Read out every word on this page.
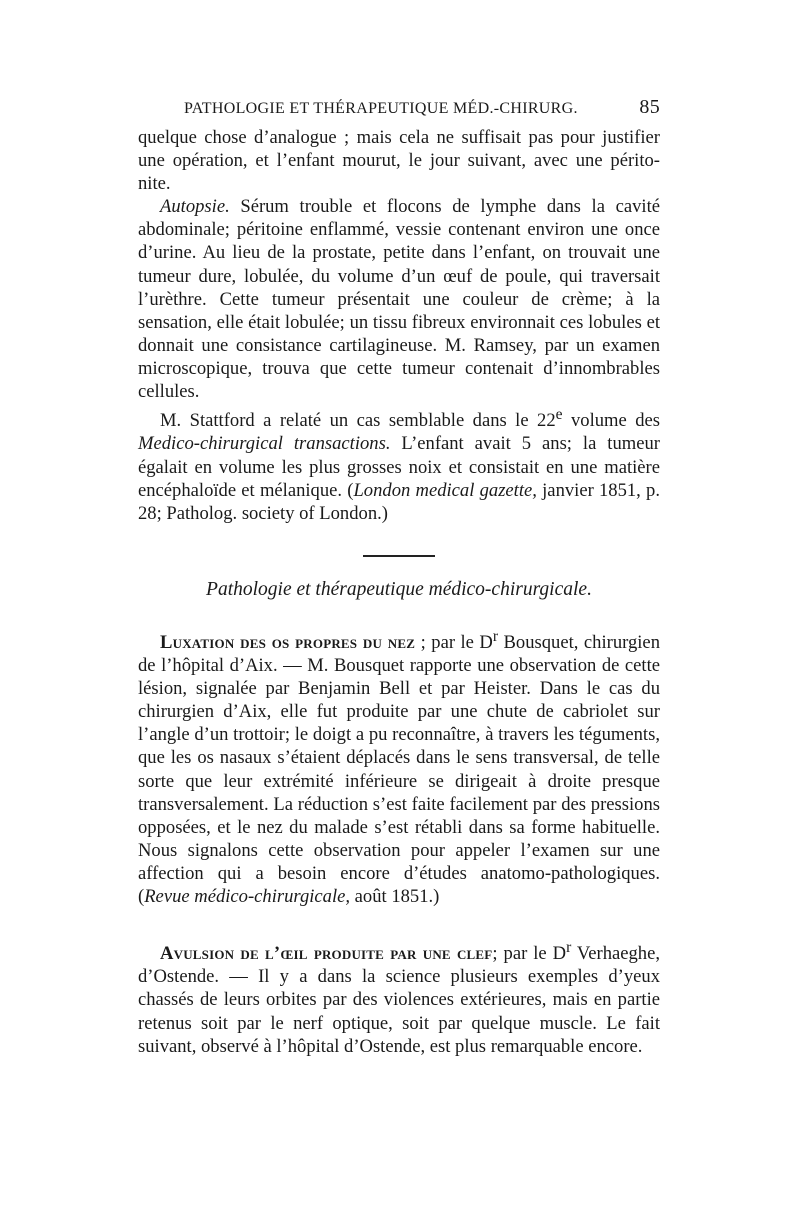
PATHOLOGIE ET THÉRAPEUTIQUE MÉD.-CHIRURG.	85

quelque chose d’analogue ; mais cela ne suffisait pas pour justifier une opération, et l’enfant mourut, le jour suivant, avec une périto-nite.

Autopsie. Sérum trouble et flocons de lymphe dans la cavité abdominale; péritoine enflammé, vessie contenant environ une once d’urine. Au lieu de la prostate, petite dans l’enfant, on trouvait une tumeur dure, lobulée, du volume d’un œuf de poule, qui traversait l’urèthre. Cette tumeur présentait une couleur de crème; à la sensation, elle était lobulée; un tissu fibreux environnait ces lobules et donnait une consistance cartilagineuse. M. Ramsey, par un examen microscopique, trouva que cette tumeur contenait d’innombrables cellules.

M. Stattford a relaté un cas semblable dans le 22e volume des Medico-chirurgical transactions. L’enfant avait 5 ans; la tumeur égalait en volume les plus grosses noix et consistait en une matière encéphaloïde et mélanique. (London medical gazette, janvier 1851, p. 28; Patholog. society of London.)

Pathologie et thérapeutique médico-chirurgicale.

Luxation des os propres du nez ; par le $D^r$ Bousquet, chirurgien de l’hôpital d’Aix. — M. Bousquet rapporte une observation de cette lésion, signalée par Benjamin Bell et par Heister. Dans le cas du chirurgien d’Aix, elle fut produite par une chute de cabriolet sur l’angle d’un trottoir; le doigt a pu reconnaître, à travers les téguments, que les os nasaux s’étaient déplacés dans le sens transversal, de telle sorte que leur extrémité inférieure se dirigeait à droite presque transversalement. La réduction s’est faite facilement par des pressions opposées, et le nez du malade s’est rétabli dans sa forme habituelle. Nous signalons cette observation pour appeler l’examen sur une affection qui a besoin encore d’études anatomo-pathologiques. (Revue médico-chirurgicale, août 1851.)

Avulsion de l’œil produite par une clef; par le $D^r$ Verhaeghe, d’Ostende. — Il y a dans la science plusieurs exemples d’yeux chassés de leurs orbites par des violences extérieures, mais en partie retenus soit par le nerf optique, soit par quelque muscle. Le fait suivant, observé à l’hôpital d’Ostende, est plus remarquable encore.
